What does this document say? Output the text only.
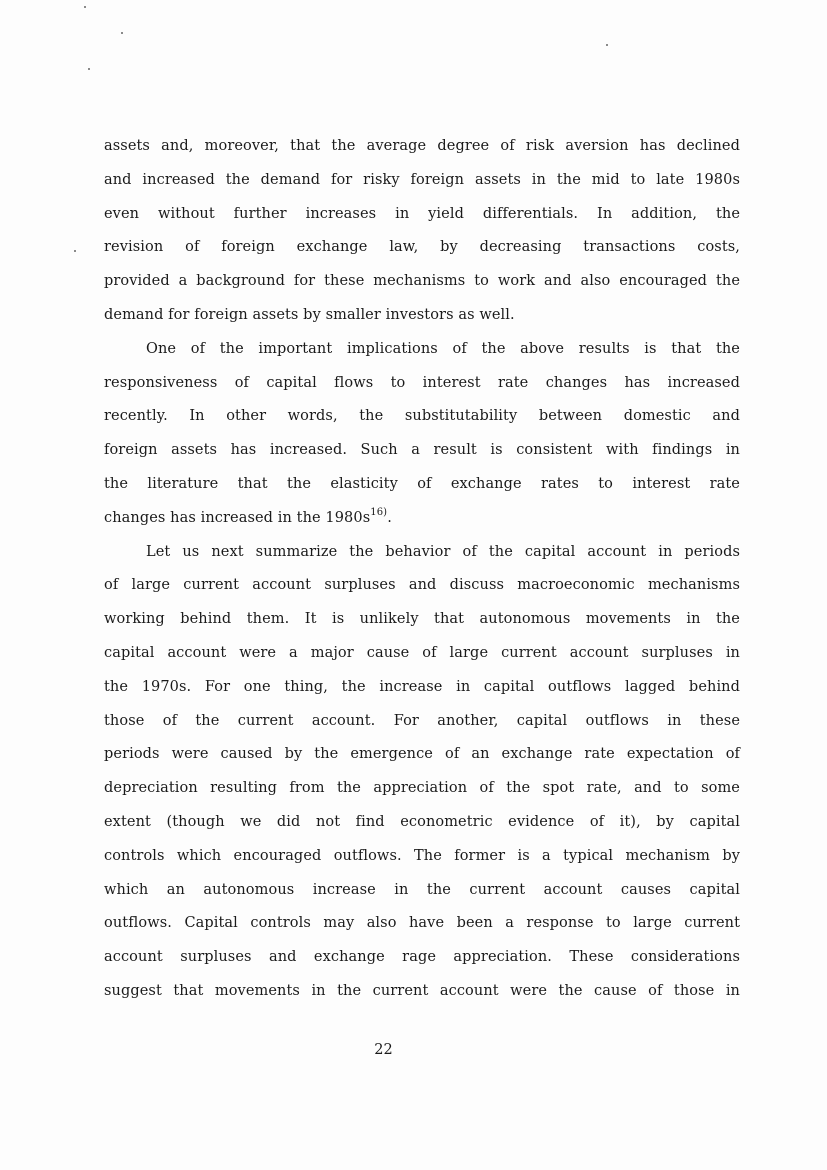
assets and, moreover, that the average degree of risk aversion has declined
and increased the demand for risky foreign assets in the mid to late 1980s
even without further increases in yield differentials. In addition, the
revision of foreign exchange law, by decreasing transactions costs,
provided a background for these mechanisms to work and also encouraged the
demand for foreign assets by smaller investors as well.
One of the important implications of the above results is that the
responsiveness of capital flows to interest rate changes has increased
recently. In other words, the substitutability between domestic and
foreign assets has increased. Such a result is consistent with findings in
the literature that the elasticity of exchange rates to interest rate
changes has increased in the $1980s^{16)}$.
Let us next summarize the behavior of the capital account in periods
of large current account surpluses and discuss macroeconomic mechanisms
working behind them. It is unlikely that autonomous movements in the
capital account were a major cause of large current account surpluses in
the 1970s. For one thing, the increase in capital outflows lagged behind
those of the current account. For another, capital outflows in these
periods were caused by the emergence of an exchange rate expectation of
depreciation resulting from the appreciation of the spot rate, and to some
extent (though we did not find econometric evidence of it), by capital
controls which encouraged outflows. The former is a typical mechanism by
which an autonomous increase in the current account causes capital
outflows. Capital controls may also have been a response to large current
account surpluses and exchange rage appreciation. These considerations
suggest that movements in the current account were the cause of those in
22
